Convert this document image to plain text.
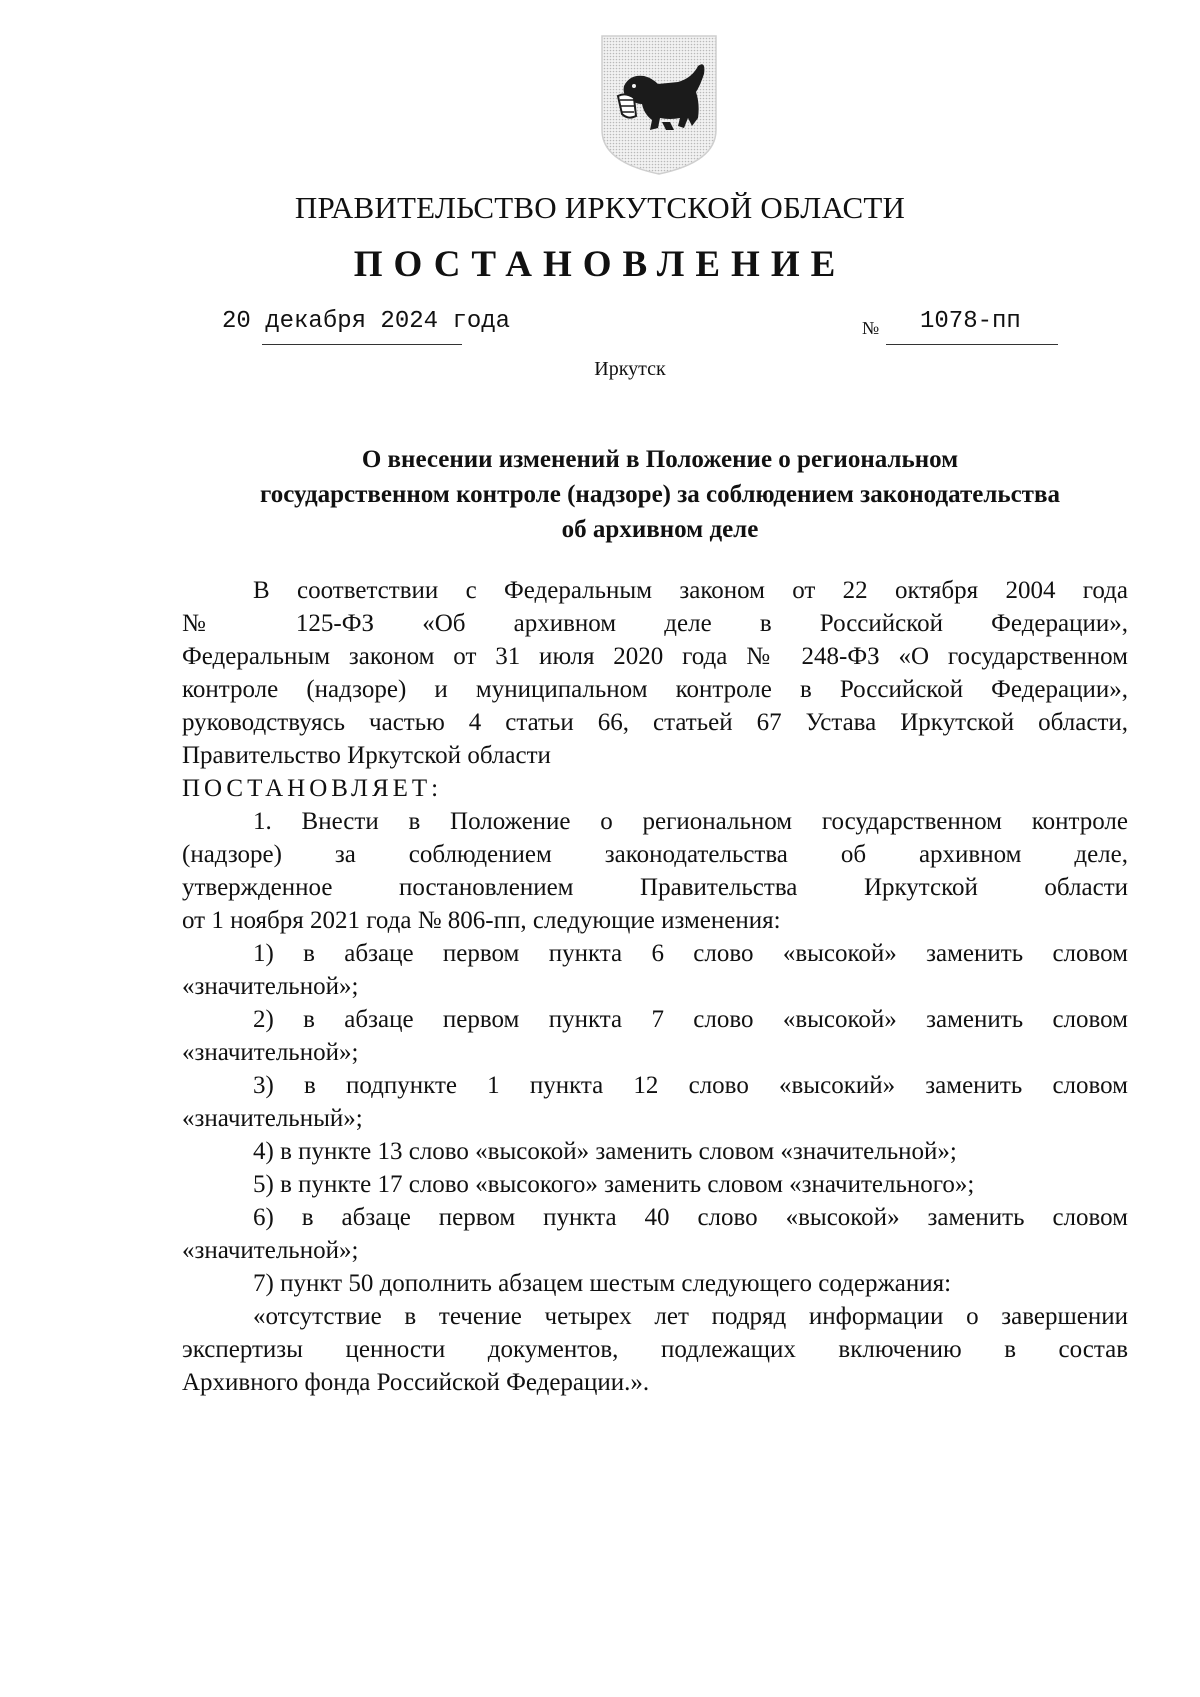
ПРАВИТЕЛЬСТВО ИРКУТСКОЙ ОБЛАСТИ
ПОСТАНОВЛЕНИЕ
20 декабря 2024 года	№ 1078-пп
Иркутск
О внесении изменений в Положение о региональном
государственном контроле (надзоре) за соблюдением законодательства
об архивном деле

В соответствии с Федеральным законом от 22 октября 2004 года
№ 125-ФЗ «Об архивном деле в Российской Федерации»,
Федеральным законом от 31 июля 2020 года № 248-ФЗ «О государственном
контроле (надзоре) и муниципальном контроле в Российской Федерации»,
руководствуясь частью 4 статьи 66, статьей 67 Устава Иркутской области,
Правительство Иркутской области

ПОСТАНОВЛЯЕТ:

1. Внести в Положение о региональном государственном контроле
(надзоре) за соблюдением законодательства об архивном деле,
утвержденное постановлением Правительства Иркутской области
от 1 ноября 2021 года № 806-пп, следующие изменения:

1) в абзаце первом пункта 6 слово «высокой» заменить словом
«значительной»;

2) в абзаце первом пункта 7 слово «высокой» заменить словом
«значительной»;

3) в подпункте 1 пункта 12 слово «высокий» заменить словом
«значительный»;

4) в пункте 13 слово «высокой» заменить словом «значительной»;

5) в пункте 17 слово «высокого» заменить словом «значительного»;

6) в абзаце первом пункта 40 слово «высокой» заменить словом
«значительной»;

7) пункт 50 дополнить абзацем шестым следующего содержания:

«отсутствие в течение четырех лет подряд информации о завершении
экспертизы ценности документов, подлежащих включению в состав
Архивного фонда Российской Федерации.».
